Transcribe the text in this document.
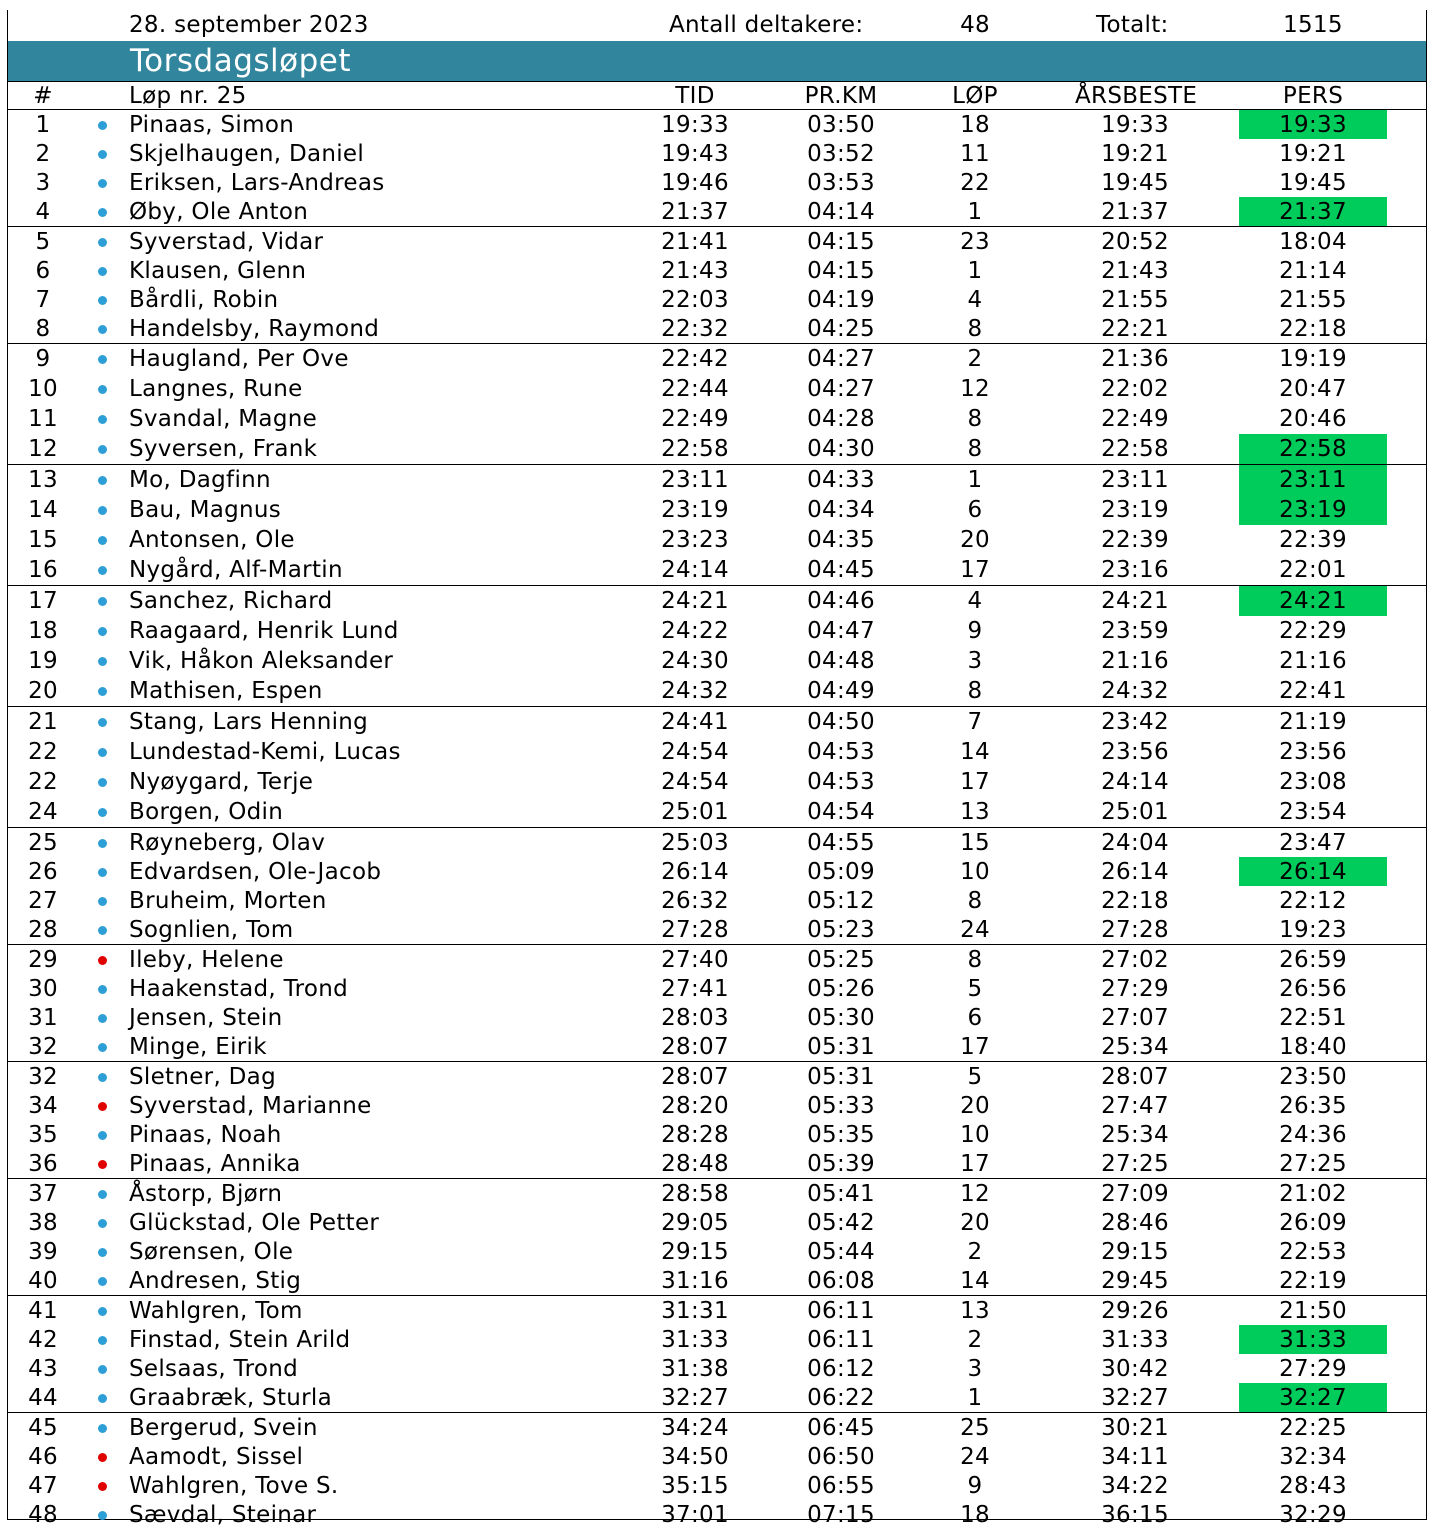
28. september 2023	Antall deltakere:	48	Totalt:	1515
Torsdagsløpet
#	Løp nr. 25	TID	PR.KM	LØP	ÅRSBESTE	PERS
1	Pinaas, Simon	19:33	03:50	18	19:33	19:33
2	Skjelhaugen, Daniel	19:43	03:52	11	19:21	19:21
3	Eriksen, Lars-Andreas	19:46	03:53	22	19:45	19:45
4	Øby, Ole Anton	21:37	04:14	1	21:37	21:37
5	Syverstad, Vidar	21:41	04:15	23	20:52	18:04
6	Klausen, Glenn	21:43	04:15	1	21:43	21:14
7	Bårdli, Robin	22:03	04:19	4	21:55	21:55
8	Handelsby, Raymond	22:32	04:25	8	22:21	22:18
9	Haugland, Per Ove	22:42	04:27	2	21:36	19:19
10	Langnes, Rune	22:44	04:27	12	22:02	20:47
11	Svandal, Magne	22:49	04:28	8	22:49	20:46
12	Syversen, Frank	22:58	04:30	8	22:58	22:58
13	Mo, Dagfinn	23:11	04:33	1	23:11	23:11
14	Bau, Magnus	23:19	04:34	6	23:19	23:19
15	Antonsen, Ole	23:23	04:35	20	22:39	22:39
16	Nygård, Alf-Martin	24:14	04:45	17	23:16	22:01
17	Sanchez, Richard	24:21	04:46	4	24:21	24:21
18	Raagaard, Henrik Lund	24:22	04:47	9	23:59	22:29
19	Vik, Håkon Aleksander	24:30	04:48	3	21:16	21:16
20	Mathisen, Espen	24:32	04:49	8	24:32	22:41
21	Stang, Lars Henning	24:41	04:50	7	23:42	21:19
22	Lundestad-Kemi, Lucas	24:54	04:53	14	23:56	23:56
22	Nyøygard, Terje	24:54	04:53	17	24:14	23:08
24	Borgen, Odin	25:01	04:54	13	25:01	23:54
25	Røyneberg, Olav	25:03	04:55	15	24:04	23:47
26	Edvardsen, Ole-Jacob	26:14	05:09	10	26:14	26:14
27	Bruheim, Morten	26:32	05:12	8	22:18	22:12
28	Sognlien, Tom	27:28	05:23	24	27:28	19:23
29	Ileby, Helene	27:40	05:25	8	27:02	26:59
30	Haakenstad, Trond	27:41	05:26	5	27:29	26:56
31	Jensen, Stein	28:03	05:30	6	27:07	22:51
32	Minge, Eirik	28:07	05:31	17	25:34	18:40
32	Sletner, Dag	28:07	05:31	5	28:07	23:50
34	Syverstad, Marianne	28:20	05:33	20	27:47	26:35
35	Pinaas, Noah	28:28	05:35	10	25:34	24:36
36	Pinaas, Annika	28:48	05:39	17	27:25	27:25
37	Åstorp, Bjørn	28:58	05:41	12	27:09	21:02
38	Glückstad, Ole Petter	29:05	05:42	20	28:46	26:09
39	Sørensen, Ole	29:15	05:44	2	29:15	22:53
40	Andresen, Stig	31:16	06:08	14	29:45	22:19
41	Wahlgren, Tom	31:31	06:11	13	29:26	21:50
42	Finstad, Stein Arild	31:33	06:11	2	31:33	31:33
43	Selsaas, Trond	31:38	06:12	3	30:42	27:29
44	Graabræk, Sturla	32:27	06:22	1	32:27	32:27
45	Bergerud, Svein	34:24	06:45	25	30:21	22:25
46	Aamodt, Sissel	34:50	06:50	24	34:11	32:34
47	Wahlgren, Tove S.	35:15	06:55	9	34:22	28:43
48	Sævdal, Steinar	37:01	07:15	18	36:15	32:29
